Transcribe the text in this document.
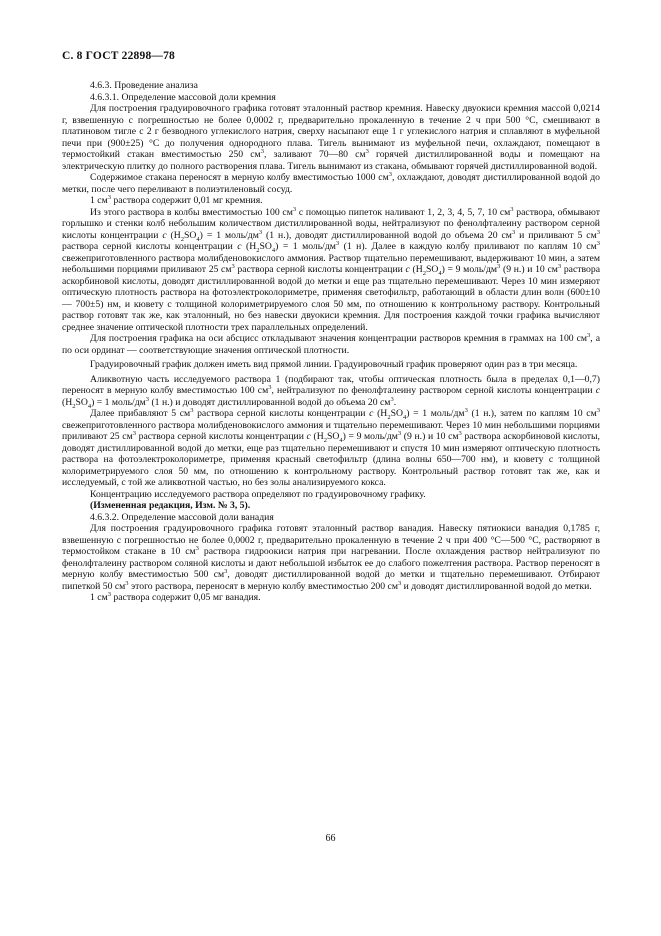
С. 8 ГОСТ 22898—78

4.6.3. Проведение анализа

4.6.3.1. Определение массовой доли кремния

Для построения градуировочного графика готовят эталонный раствор кремния. Навеску двуокиси кремния массой 0,0214 г, взвешенную с погрешностью не более 0,0002 г, предварительно прокаленную в течение 2 ч при 500 °С, смешивают в платиновом тигле с 2 г безводного углекислого натрия, сверху насыпают еще 1 г углекислого натрия и сплавляют в муфельной печи при (900±25) °С до получения однородного плава. Тигель вынимают из муфельной печи, охлаждают, помещают в термостойкий стакан вместимостью 250 $см^3$, заливают 70—80 $см^3$ горячей дистиллированной воды и помещают на электрическую плитку до полного растворения плава. Тигель вынимают из стакана, обмывают горячей дистиллированной водой.

Содержимое стакана переносят в мерную колбу вместимостью 1000 $см^3$, охлаждают, доводят дистиллированной водой до метки, после чего переливают в полиэтиленовый сосуд.

1 $см^3$ раствора содержит 0,01 мг кремния.

Из этого раствора в колбы вместимостью 100 $см^3$ с помощью пипеток наливают 1, 2, 3, 4, 5, 7, 10 $см^3$ раствора, обмывают горлышко и стенки колб небольшим количеством дистиллированной воды, нейтрализуют по фенолфталеину раствором серной кислоты концентрации с $(Н_2SO_4) = 1$ моль/$дм^3$ (1 н.), доводят дистиллированной водой до объема 20 $см^3$ и приливают 5 $см^3$ раствора серной кислоты концентрации с $(Н_2SO_4) = 1$ моль/$дм^3$ (1 н). Далее в каждую колбу приливают по каплям 10 $см^3$ свежеприготовленного раствора молибденовокислого аммония. Раствор тщательно перемешивают, выдерживают 10 мин, а затем небольшими порциями приливают 25 $см^3$ раствора серной кислоты концентрации с $(Н_2SO_4) = 9$ моль/$дм^3$ (9 н.) и 10 $см^3$ раствора аскорбиновой кислоты, доводят дистиллированной водой до метки и еще раз тщательно перемешивают. Через 10 мин измеряют оптическую плотность раствора на фотоэлектроколориметре, применяя светофильтр, работающий в области длин волн (600±10 — 700±5) нм, и кювету с толщиной колориметрируемого слоя 50 мм, по отношению к контрольному раствору. Контрольный раствор готовят так же, как эталонный, но без навески двуокиси кремния. Для построения каждой точки графика вычисляют среднее значение оптической плотности трех параллельных определений.

Для построения графика на оси абсцисс откладывают значения концентрации растворов кремния в граммах на 100 $см^3$, а по оси ординат — соответствующие значения оптической плотности.

Градуировочный график должен иметь вид прямой линии. Градуировочный график проверяют один раз в три месяца.

Аликвотную часть исследуемого раствора 1 (подбирают так, чтобы оптическая плотность была в пределах 0,1—0,7) переносят в мерную колбу вместимостью 100 $см^3$, нейтрализуют по фенолфталеину раствором серной кислоты концентрации с $(Н_2SO_4) = 1$ моль/$дм^3$ (1 н.) и доводят дистиллированной водой до объема 20 $см^3$.

Далее прибавляют 5 $см^3$ раствора серной кислоты концентрации с $(Н_2SO_4) = 1$ моль/$дм^3$ (1 н.), затем по каплям 10 $см^3$ свежеприготовленного раствора молибденовокислого аммония и тщательно перемешивают. Через 10 мин небольшими порциями приливают 25 $см^3$ раствора серной кислоты концентрации с $(Н_2SO_4) = 9$ моль/$дм^3$ (9 н.) и 10 $см^3$ раствора аскорбиновой кислоты, доводят дистиллированной водой до метки, еще раз тщательно перемешивают и спустя 10 мин измеряют оптическую плотность раствора на фотоэлектроколориметре, применяя красный светофильтр (длина волны 650—700 нм), и кювету с толщиной колориметрируемого слоя 50 мм, по отношению к контрольному раствору. Контрольный раствор готовят так же, как и исследуемый, с той же аликвотной частью, но без золы анализируемого кокса.

Концентрацию исследуемого раствора определяют по градуировочному графику.

(Измененная редакция, Изм. № 3, 5).

4.6.3.2. Определение массовой доли ванадия

Для построения градуировочного графика готовят эталонный раствор ванадия. Навеску пятиокиси ванадия 0,1785 г, взвешенную с погрешностью не более 0,0002 г, предварительно прокаленную в течение 2 ч при 400 °С—500 °С, растворяют в термостойком стакане в 10 $см^3$ раствора гидроокиси натрия при нагревании. После охлаждения раствор нейтрализуют по фенолфталеину раствором соляной кислоты и дают небольшой избыток ее до слабого пожелтения раствора. Раствор переносят в мерную колбу вместимостью 500 $см^3$, доводят дистиллированной водой до метки и тщательно перемешивают. Отбирают пипеткой 50 $см^3$ этого раствора, переносят в мерную колбу вместимостью 200 $см^3$ и доводят дистиллированной водой до метки.

1 $см^3$ раствора содержит 0,05 мг ванадия.

66
